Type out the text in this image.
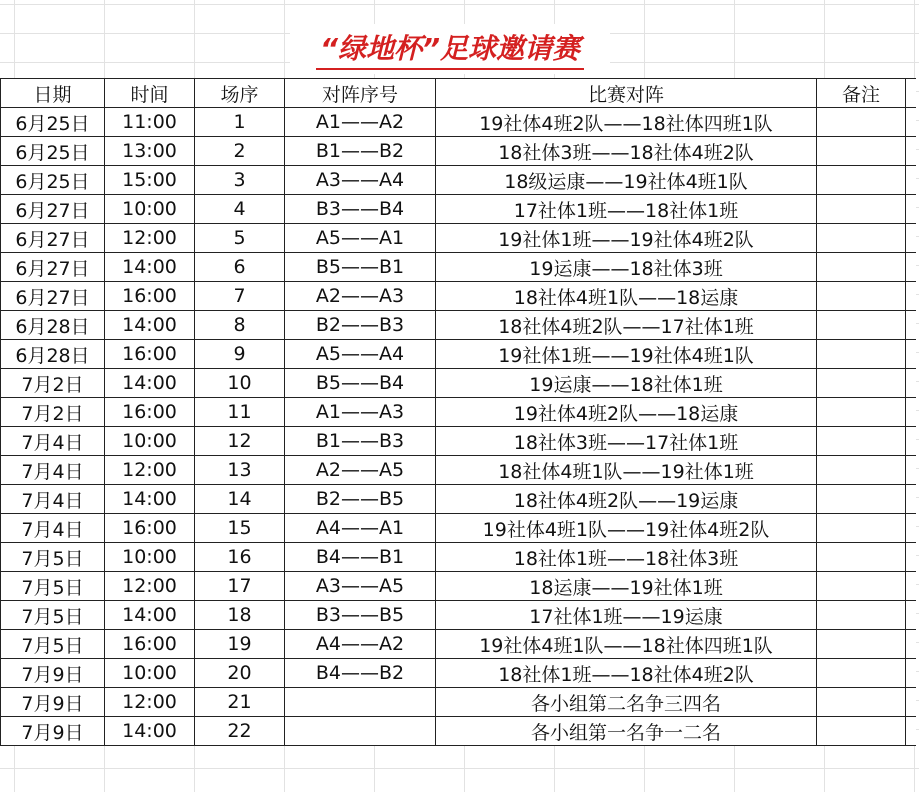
“绿地杯”足球邀请赛
日期	时间	场序	对阵序号	比赛对阵	备注	
6月25日	11:00	1	A1——A2	19社体4班2队——18社体四班1队		
6月25日	13:00	2	B1——B2	18社体3班——18社体4班2队		
6月25日	15:00	3	A3——A4	18级运康——19社体4班1队		
6月27日	10:00	4	B3——B4	17社体1班——18社体1班		
6月27日	12:00	5	A5——A1	19社体1班——19社体4班2队		
6月27日	14:00	6	B5——B1	19运康——18社体3班		
6月27日	16:00	7	A2——A3	18社体4班1队——18运康		
6月28日	14:00	8	B2——B3	18社体4班2队——17社体1班		
6月28日	16:00	9	A5——A4	19社体1班——19社体4班1队		
7月2日	14:00	10	B5——B4	19运康——18社体1班		
7月2日	16:00	11	A1——A3	19社体4班2队——18运康		
7月4日	10:00	12	B1——B3	18社体3班——17社体1班		
7月4日	12:00	13	A2——A5	18社体4班1队——19社体1班		
7月4日	14:00	14	B2——B5	18社体4班2队——19运康		
7月4日	16:00	15	A4——A1	19社体4班1队——19社体4班2队		
7月5日	10:00	16	B4——B1	18社体1班——18社体3班		
7月5日	12:00	17	A3——A5	18运康——19社体1班		
7月5日	14:00	18	B3——B5	17社体1班——19运康		
7月5日	16:00	19	A4——A2	19社体4班1队——18社体四班1队		
7月9日	10:00	20	B4——B2	18社体1班——18社体4班2队		
7月9日	12:00	21		各小组第二名争三四名		
7月9日	14:00	22		各小组第一名争一二名		
